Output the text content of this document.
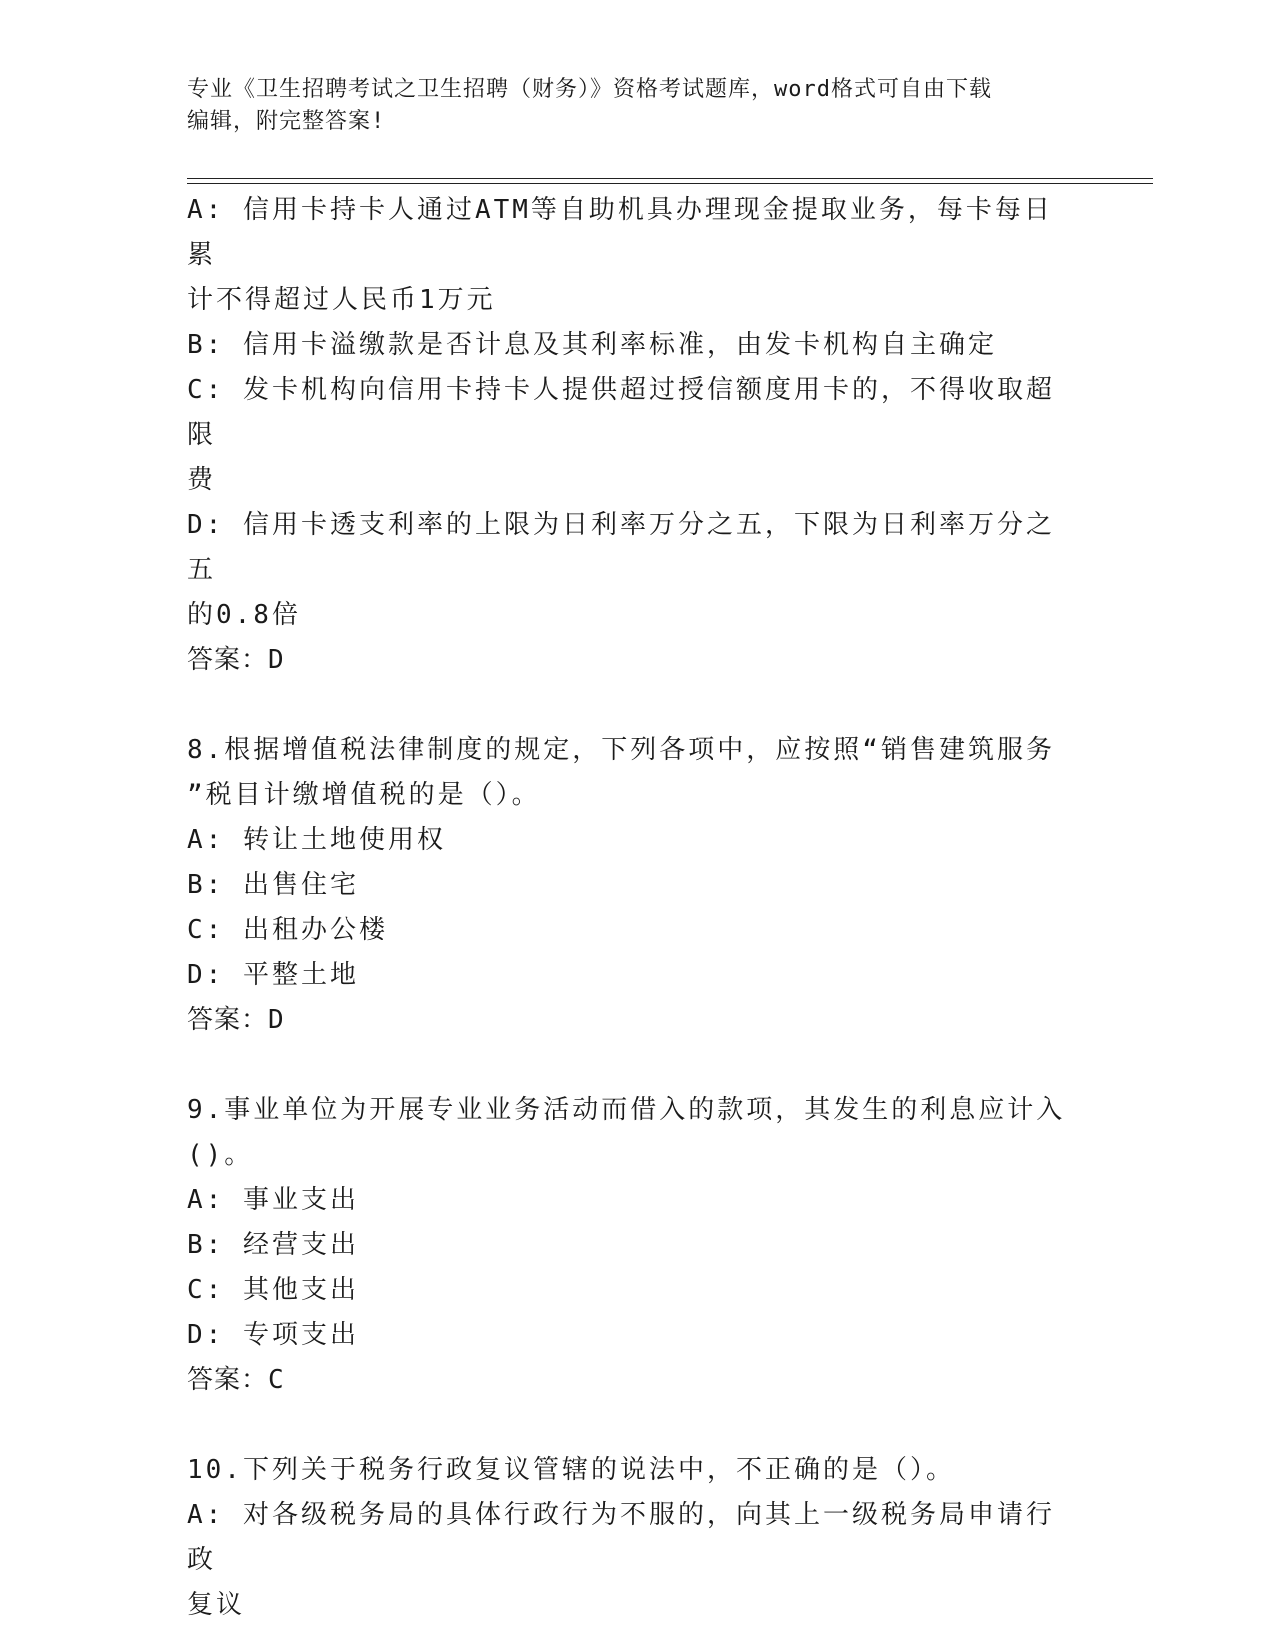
专业《卫生招聘考试之卫生招聘（财务）》资格考试题库，word格式可自由下载
编辑，附完整答案!
A: 信用卡持卡人通过ATM等自助机具办理现金提取业务，每卡每日累
计不得超过人民币1万元
B: 信用卡溢缴款是否计息及其利率标准，由发卡机构自主确定
C: 发卡机构向信用卡持卡人提供超过授信额度用卡的，不得收取超限
费
D: 信用卡透支利率的上限为日利率万分之五，下限为日利率万分之五
的0.8倍
答案：D
8.根据增值税法律制度的规定，下列各项中，应按照“销售建筑服务
”税目计缴增值税的是（）。
A: 转让土地使用权
B: 出售住宅
C: 出租办公楼
D: 平整土地
答案：D
9.事业单位为开展专业业务活动而借入的款项，其发生的利息应计入
()。
A: 事业支出
B: 经营支出
C: 其他支出
D: 专项支出
答案：C
10.下列关于税务行政复议管辖的说法中，不正确的是（）。
A: 对各级税务局的具体行政行为不服的，向其上一级税务局申请行政
复议
